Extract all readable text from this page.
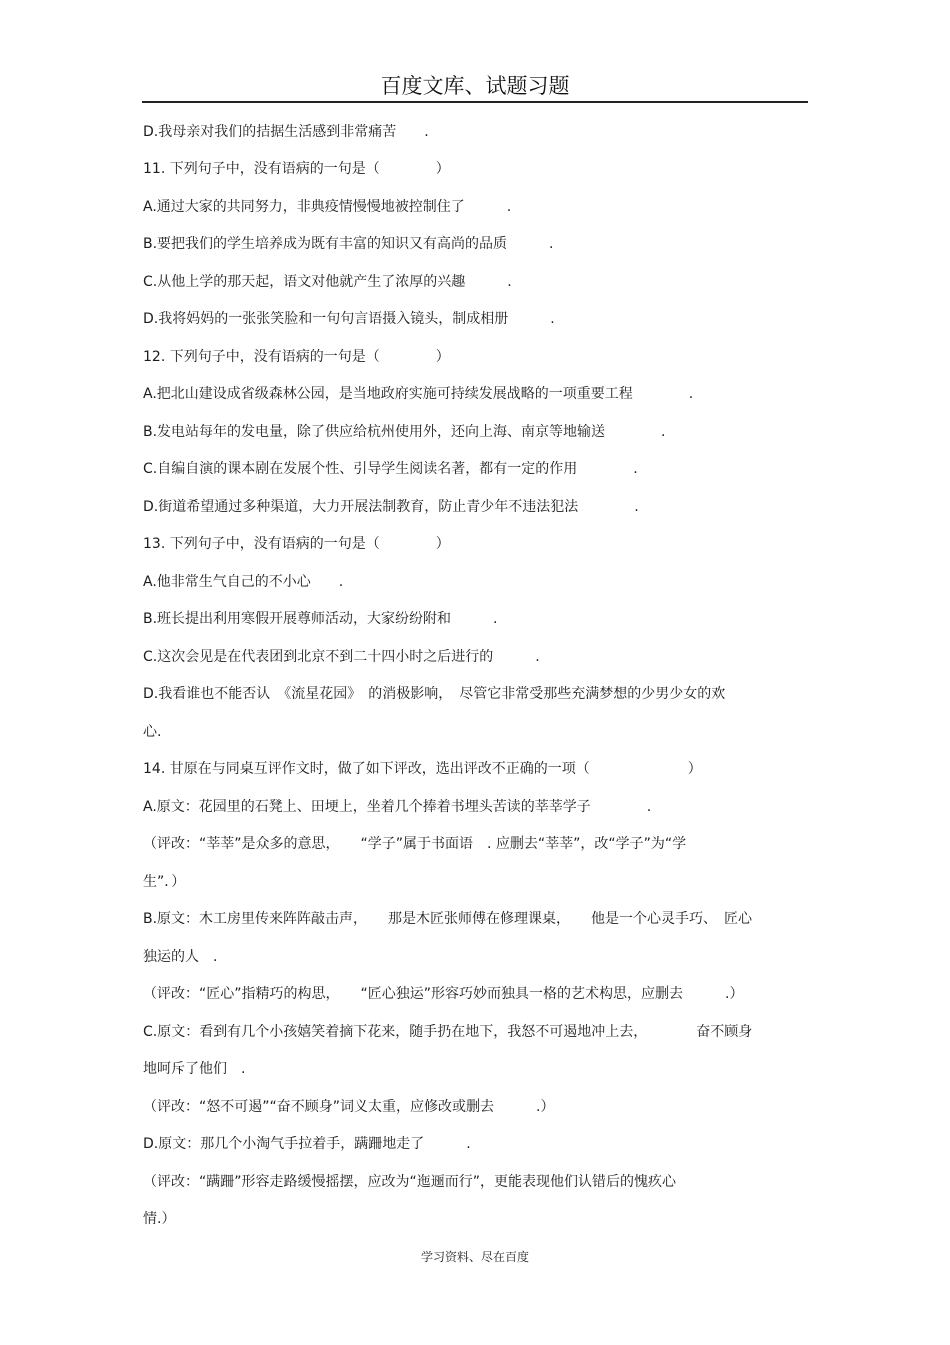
百度文库、试题习题
D.我母亲对我们的拮据生活感到非常痛苦　　.
11. 下列句子中，没有语病的一句是（　　　　）
A.通过大家的共同努力，非典疫情慢慢地被控制住了　　　.
B.要把我们的学生培养成为既有丰富的知识又有高尚的品质　　　.
C.从他上学的那天起，语文对他就产生了浓厚的兴趣　　　.
D.我将妈妈的一张张笑脸和一句句言语摄入镜头，制成相册　　　.
12. 下列句子中，没有语病的一句是（　　　　）
A.把北山建设成省级森林公园，是当地政府实施可持续发展战略的一项重要工程　　　　.
B.发电站每年的发电量，除了供应给杭州使用外，还向上海、南京等地输送　　　　.
C.自编自演的课本剧在发展个性、引导学生阅读名著，都有一定的作用　　　　.
D.街道希望通过多种渠道，大力开展法制教育，防止青少年不违法犯法　　　　.
13. 下列句子中，没有语病的一句是（　　　　）
A.他非常生气自己的不小心　　.
B.班长提出利用寒假开展尊师活动，大家纷纷附和　　　.
C.这次会见是在代表团到北京不到二十四小时之后进行的　　　.
D.我看谁也不能否认　《流星花园》　的消极影响，　尽管它非常受那些充满梦想的少男少女的欢
心.
14. 甘原在与同桌互评作文时，做了如下评改，选出评改不正确的一项（　　　　　　　）
A.原文：花园里的石凳上、田埂上，坐着几个捧着书埋头苦读的莘莘学子　　　　.
（评改：“莘莘”是众多的意思，　　“学子”属于书面语　. 应删去“莘莘”，改“学子”为“学
生”．）
B.原文：木工房里传来阵阵敲击声，　　那是木匠张师傅在修理课桌，　　他是一个心灵手巧、　匠心
独运的人　.
（评改：“匠心”指精巧的构思，　　“匠心独运”形容巧妙而独具一格的艺术构思，应删去　　　.）
C.原文：看到有几个小孩嬉笑着摘下花来，随手扔在地下，我怒不可遏地冲上去，　　　　奋不顾身
地呵斥了他们　.
（评改：“怒不可遏”“奋不顾身”词义太重，应修改或删去　　　.）
D.原文：那几个小淘气手拉着手，蹒跚地走了　　　.
（评改：“蹒跚”形容走路缓慢摇摆，应改为“迤逦而行”，更能表现他们认错后的愧疚心
情.）
学习资料、尽在百度
